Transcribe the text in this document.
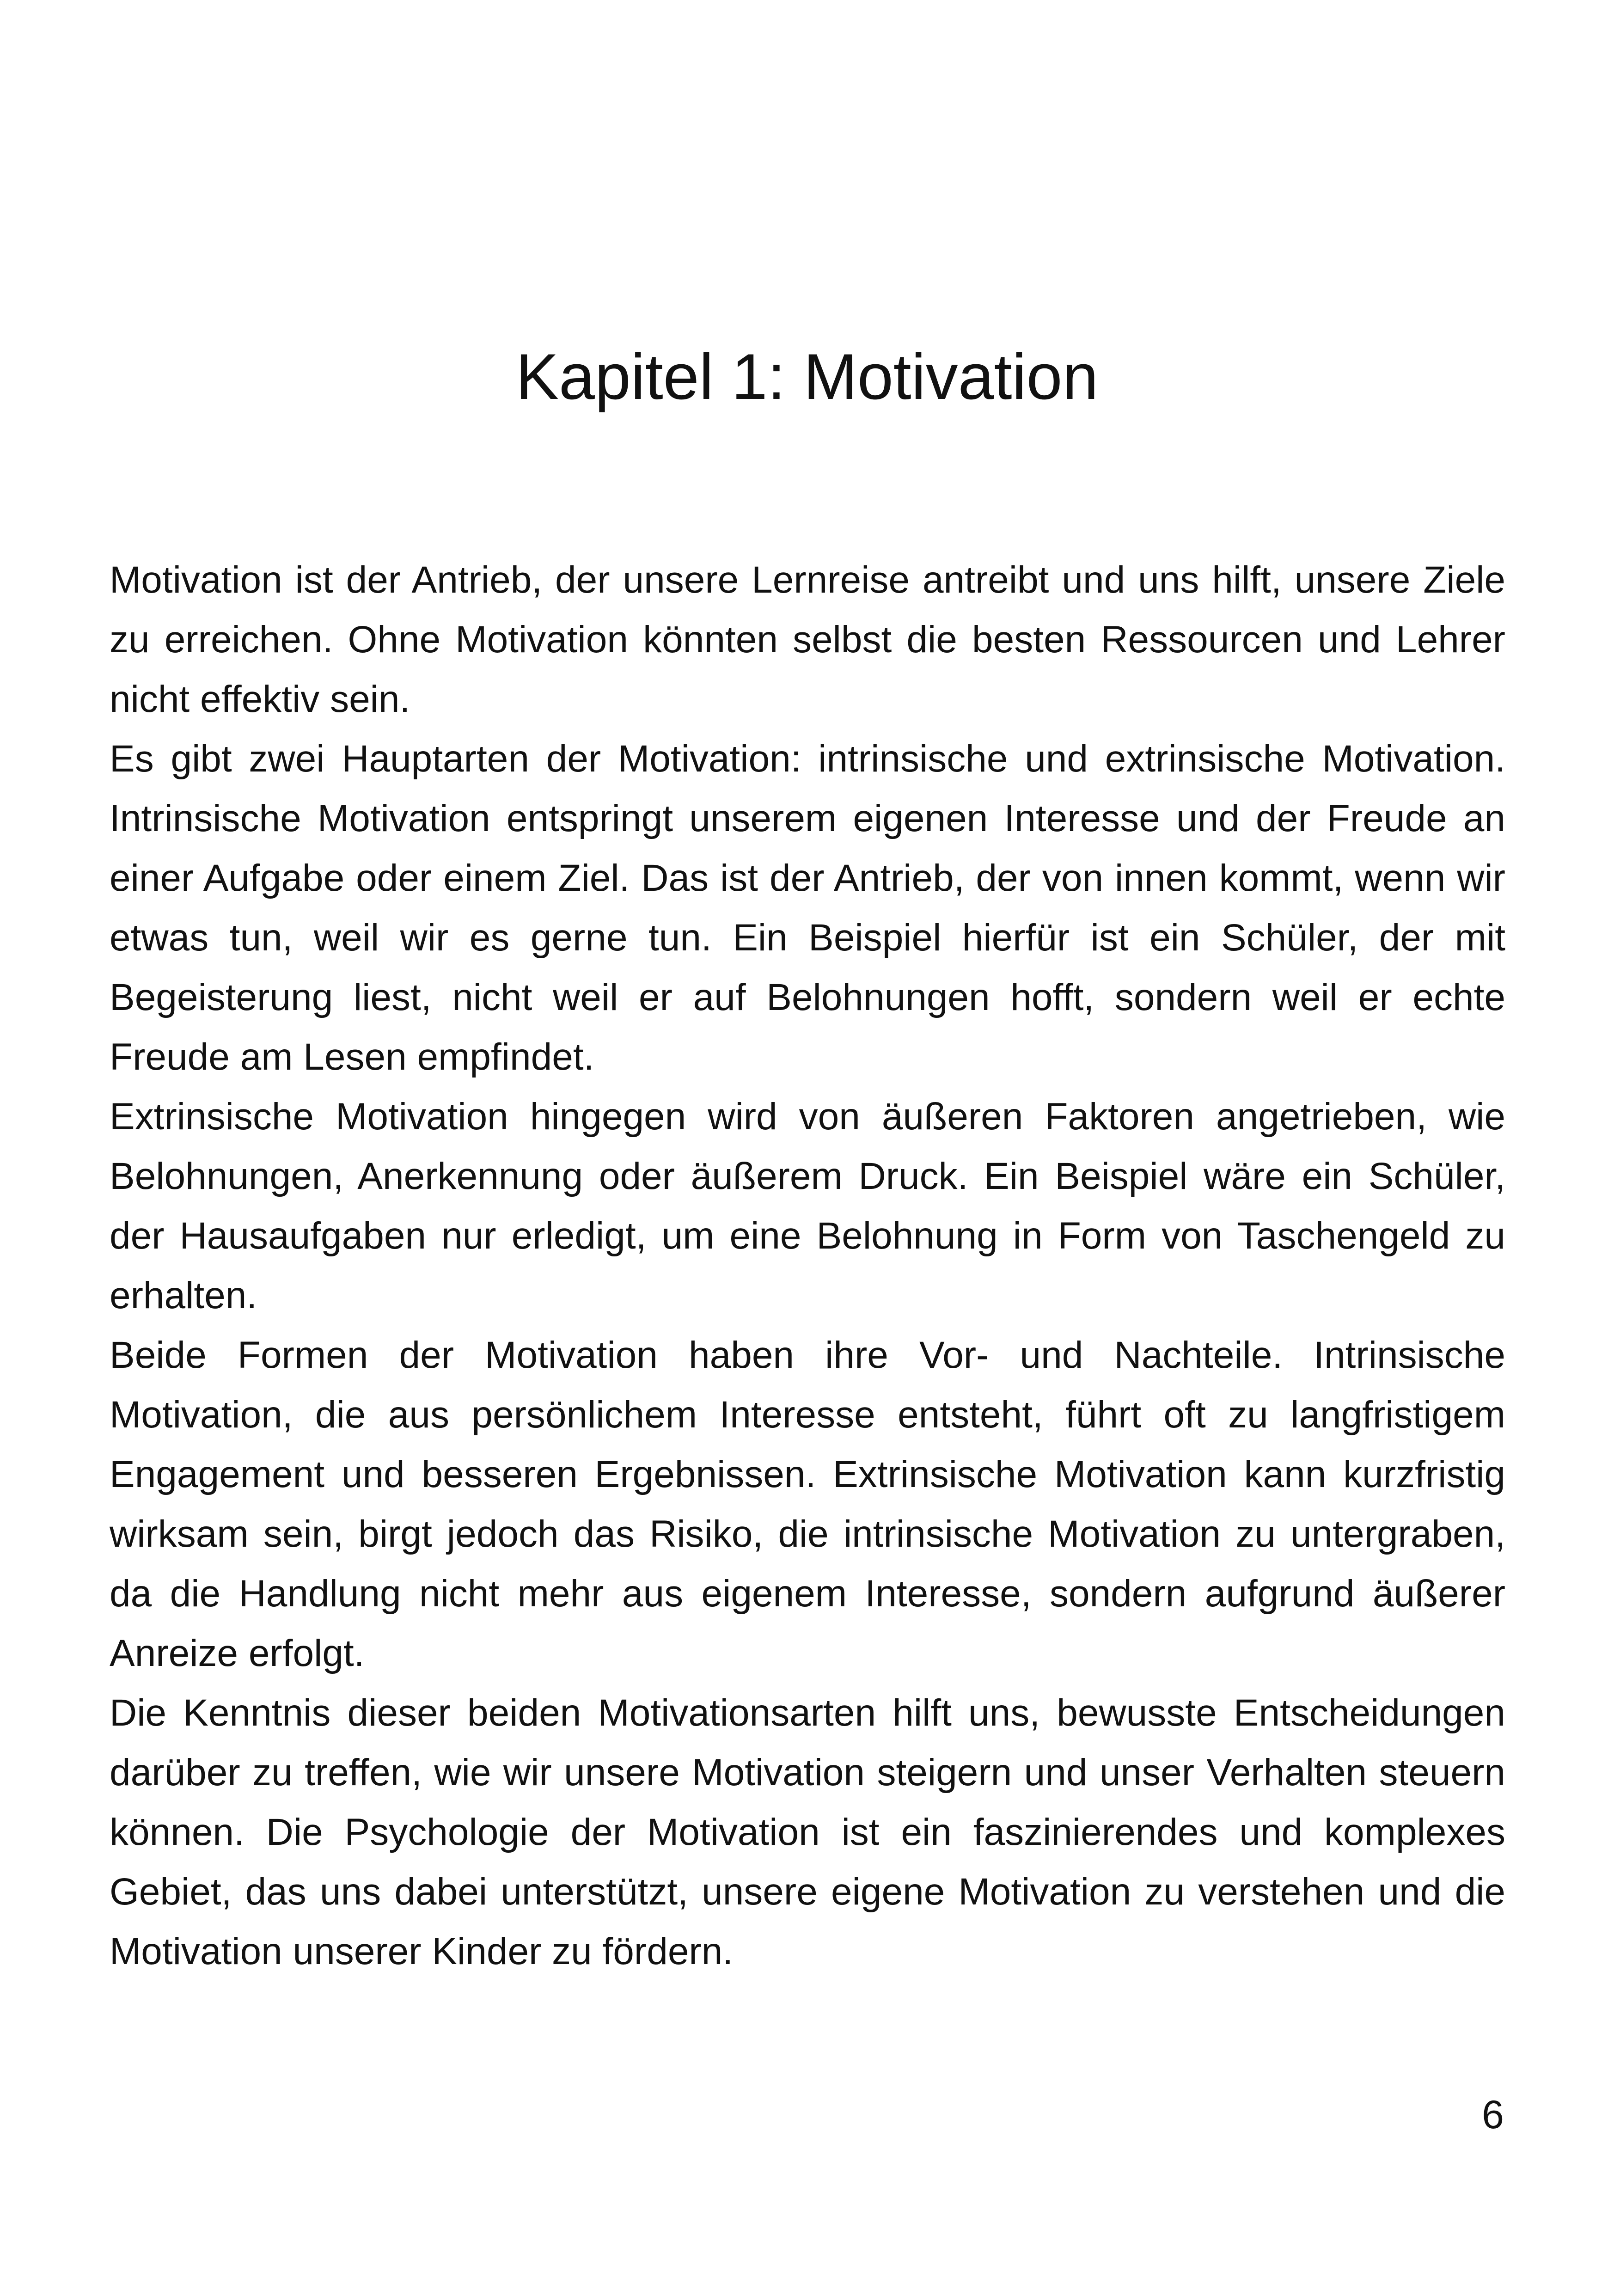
Kapitel 1: Motivation

Motivation ist der Antrieb, der unsere Lernreise antreibt und uns hilft, unsere Ziele zu erreichen. Ohne Motivation könnten selbst die besten Ressourcen und Lehrer nicht effektiv sein.

Es gibt zwei Hauptarten der Motivation: intrinsische und extrinsische Motivation. Intrinsische Motivation entspringt unserem eigenen Interesse und der Freude an einer Aufgabe oder einem Ziel. Das ist der Antrieb, der von innen kommt, wenn wir etwas tun, weil wir es gerne tun. Ein Beispiel hierfür ist ein Schüler, der mit Begeisterung liest, nicht weil er auf Belohnungen hofft, sondern weil er echte Freude am Lesen empfindet.

Extrinsische Motivation hingegen wird von äußeren Faktoren angetrieben, wie Belohnungen, Anerkennung oder äußerem Druck. Ein Beispiel wäre ein Schüler, der Hausaufgaben nur erledigt, um eine Belohnung in Form von Taschengeld zu erhalten.

Beide Formen der Motivation haben ihre Vor- und Nachteile. Intrinsische Motivation, die aus persönlichem Interesse entsteht, führt oft zu langfristigem Engagement und besseren Ergebnissen. Extrinsische Motivation kann kurzfristig wirksam sein, birgt jedoch das Risiko, die intrinsische Motivation zu untergraben, da die Handlung nicht mehr aus eigenem Interesse, sondern aufgrund äußerer Anreize erfolgt.

Die Kenntnis dieser beiden Motivationsarten hilft uns, bewusste Entscheidungen darüber zu treffen, wie wir unsere Motivation steigern und unser Verhalten steuern können. Die Psychologie der Motivation ist ein faszinierendes und komplexes Gebiet, das uns dabei unterstützt, unsere eigene Motivation zu verstehen und die Motivation unserer Kinder zu fördern.

6
